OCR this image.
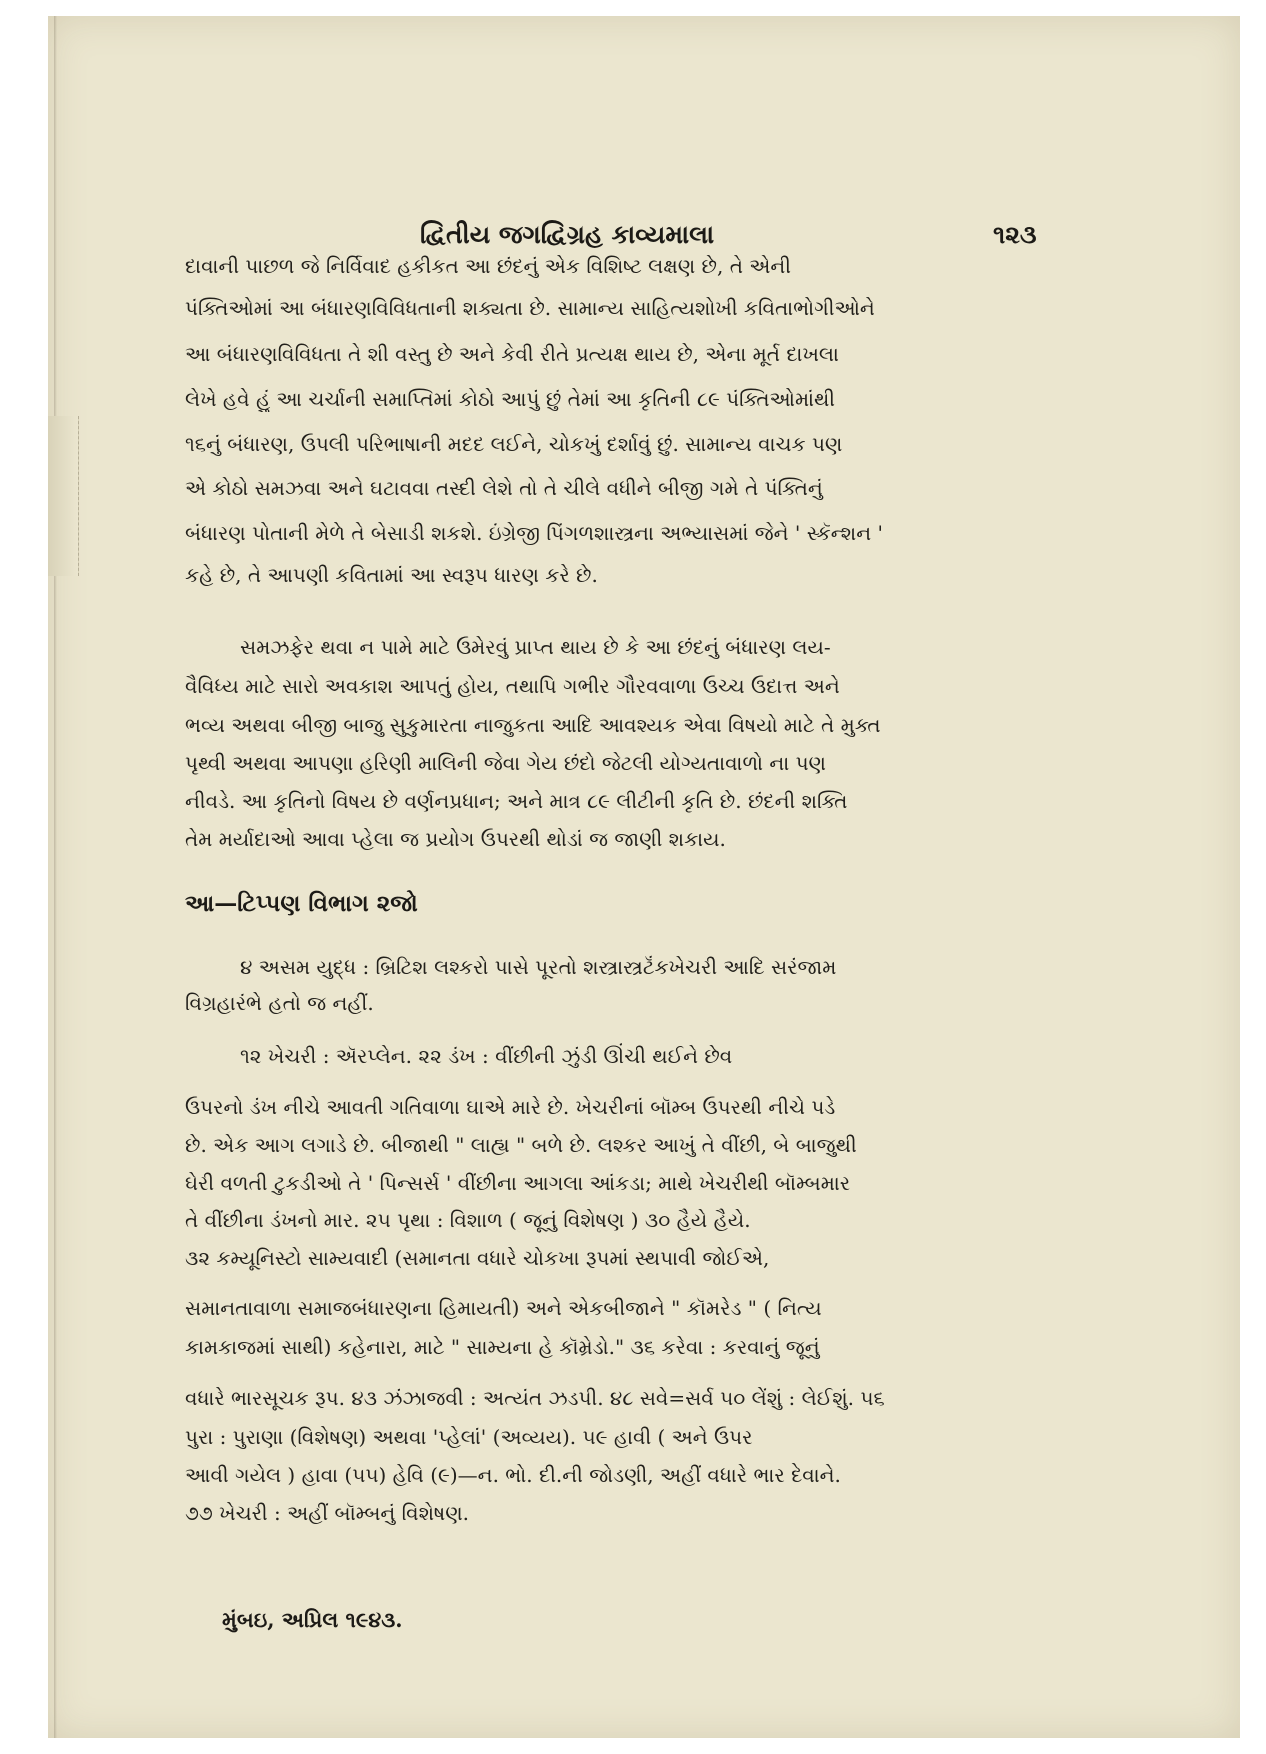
દ્વિતીય જગદ્વિગ્રહ કાવ્યમાલા	૧૨૩
દાવાની પાછળ જે નિર્વિવાદ હકીકત આ છંદનું એક વિશિષ્ટ લક્ષણ છે, તે એની
પંક્તિઓમાં આ બંધારણવિવિધતાની શક્યતા છે. સામાન્ય સાહિત્યશોખી કવિતાભોગીઓને
આ બંધારણવિવિધતા તે શી વસ્તુ છે અને કેવી રીતે પ્રત્યક્ષ થાય છે, એના મૂર્ત દાખલા
લેખે હવે હું આ ચર્ચાની સમાપ્તિમાં કોઠો આપું છું તેમાં આ કૃતિની ૮૯ પંક્તિઓમાંથી
૧૬નું બંધારણ, ઉપલી પરિભાષાની મદદ લઈને, ચોકખું દર્શાવું છું. સામાન્ય વાચક પણ
એ કોઠો સમઝવા અને ઘટાવવા તસ્દી લેશે તો તે ચીલે વધીને બીજી ગમે તે પંક્તિનું
બંધારણ પોતાની મેળે તે બેસાડી શકશે. ઇંગ્રેજી પિંગળશાસ્ત્રના અભ્યાસમાં જેને ' સ્કૅન્શન '
કહે છે, તે આપણી કવિતામાં આ સ્વરૂપ ધારણ કરે છે.
સમઝફેર થવા ન પામે માટે ઉમેરવું પ્રાપ્ત થાય છે કે આ છંદનું બંધારણ લય-
વૈવિધ્ય માટે સારો અવકાશ આપતું હોય, તથાપિ ગભીર ગૌરવવાળા ઉચ્ચ ઉદાત્ત અને
ભવ્ય અથવા બીજી બાજુ સુકુમારતા નાજુકતા આદિ આવશ્યક એવા વિષયો માટે તે મુક્ત
પૃથ્વી અથવા આપણા હરિણી માલિની જેવા ગેય છંદો જેટલી યોગ્યતાવાળો ના પણ
નીવડે. આ કૃતિનો વિષય છે વર્ણનપ્રધાન; અને માત્ર ૮૯ લીટીની કૃતિ છે. છંદની શક્તિ
તેમ મર્યાદાઓ આવા પ્હેલા જ પ્રયોગ ઉપરથી થોડાં જ જાણી શકાય.
આ—ટિપ્પણ વિભાગ ૨જો
૪ અસમ યુદ્ધ : બ્રિટિશ લશ્કરો પાસે પૂરતો શસ્ત્રાસ્ત્રટૅંકખેચરી આદિ સરંજામ
વિગ્રહારંભે હતો જ નહીં.
૧૨ ખેચરી : ઍરપ્લેન. ૨૨ ડંખ : વીંછીની ઝુંડી ઊંચી થઈને છેવ
ઉપરનો ડંખ નીચે આવતી ગતિવાળા ઘાએ મારે છે. ખેચરીનાં બૉમ્બ ઉપરથી નીચે પડે
છે. એક આગ લગાડે છે. બીજાથી " લાહ્ય " બળે છે. લશ્કર આખું તે વીંછી, બે બાજુથી
ઘેરી વળતી ટુકડીઓ તે ' પિન્સર્સ ' વીંછીના આગલા આંકડા; માથે ખેચરીથી બૉમ્બમાર
તે વીંછીના ડંખનો માર. ૨૫ પૃથા : વિશાળ ( જૂનું વિશેષણ ) ૩૦ હૈયે હૈયે.
૩૨ કમ્યૂનિસ્ટો સામ્યવાદી (સમાનતા વધારે ચોકખા રૂપમાં સ્થપાવી જોઈએ,
સમાનતાવાળા સમાજબંધારણના હિમાયતી) અને એકબીજાને " કૉમરેડ " ( નિત્ય
કામકાજમાં સાથી) કહેનારા, માટે " સામ્યના હે કૉમ્રેડો." ૩૬ કરેવા : કરવાનું જૂનું
વધારે ભારસૂચક રૂપ. ૪૩ ઝંઝાજવી : અત્યંત ઝડપી. ૪૮ સવે=સર્વ ૫૦ લેંશું : લેઈશું. ૫૬
પુરા : પુરાણા (વિશેષણ) અથવા 'પ્હેલાં' (અવ્યય). ૫૯ હાવી ( અને ઉપર
આવી ગયેલ ) હાવા (૫૫) હેવિ (૯)—ન. ભો. દી.ની જોડણી, અહીં વધારે ભાર દેવાને.
૭૭ ખેચરી : અહીં બૉમ્બનું વિશેષણ.
મુંબઇ, અપ્રિલ ૧૯૪૩.
